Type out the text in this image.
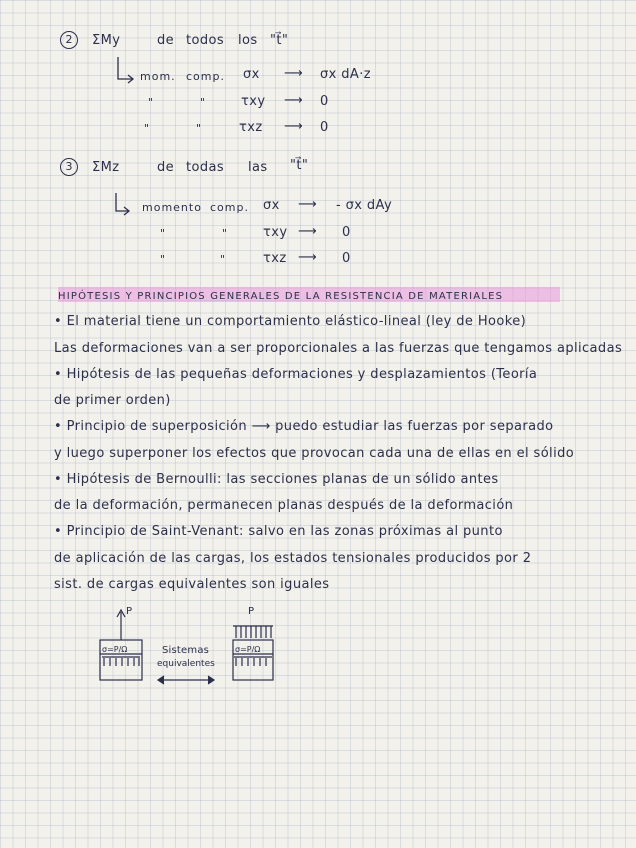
2	ΣMy	de todos los "t⃗"
mom. comp. σx ⟶ σx dA·z
"	"	τxy ⟶ 0
"	"	τxz ⟶ 0
3	ΣMz	de todas las "t⃗"
momento comp. σx ⟶ - σx dAy
"	"	τxy ⟶ 0
"	"	τxz ⟶ 0
HIPÓTESIS Y PRINCIPIOS GENERALES DE LA RESISTENCIA DE MATERIALES
• El material tiene un comportamiento elástico-lineal (ley de Hooke)
Las deformaciones van a ser proporcionales a las fuerzas que tengamos aplicadas
• Hipótesis de las pequeñas deformaciones y desplazamientos (Teoría
de primer orden)
• Principio de superposición ⟶ puedo estudiar las fuerzas por separado
y luego superponer los efectos que provocan cada una de ellas en el sólido
• Hipótesis de Bernoulli: las secciones planas de un sólido antes
de la deformación, permanecen planas después de la deformación
• Principio de Saint-Venant: salvo en las zonas próximas al punto
de aplicación de las cargas, los estados tensionales producidos por 2
sist. de cargas equivalentes son iguales
P	P
σ=P/Ω	σ=P/Ω
Sistemas
equivalentes
